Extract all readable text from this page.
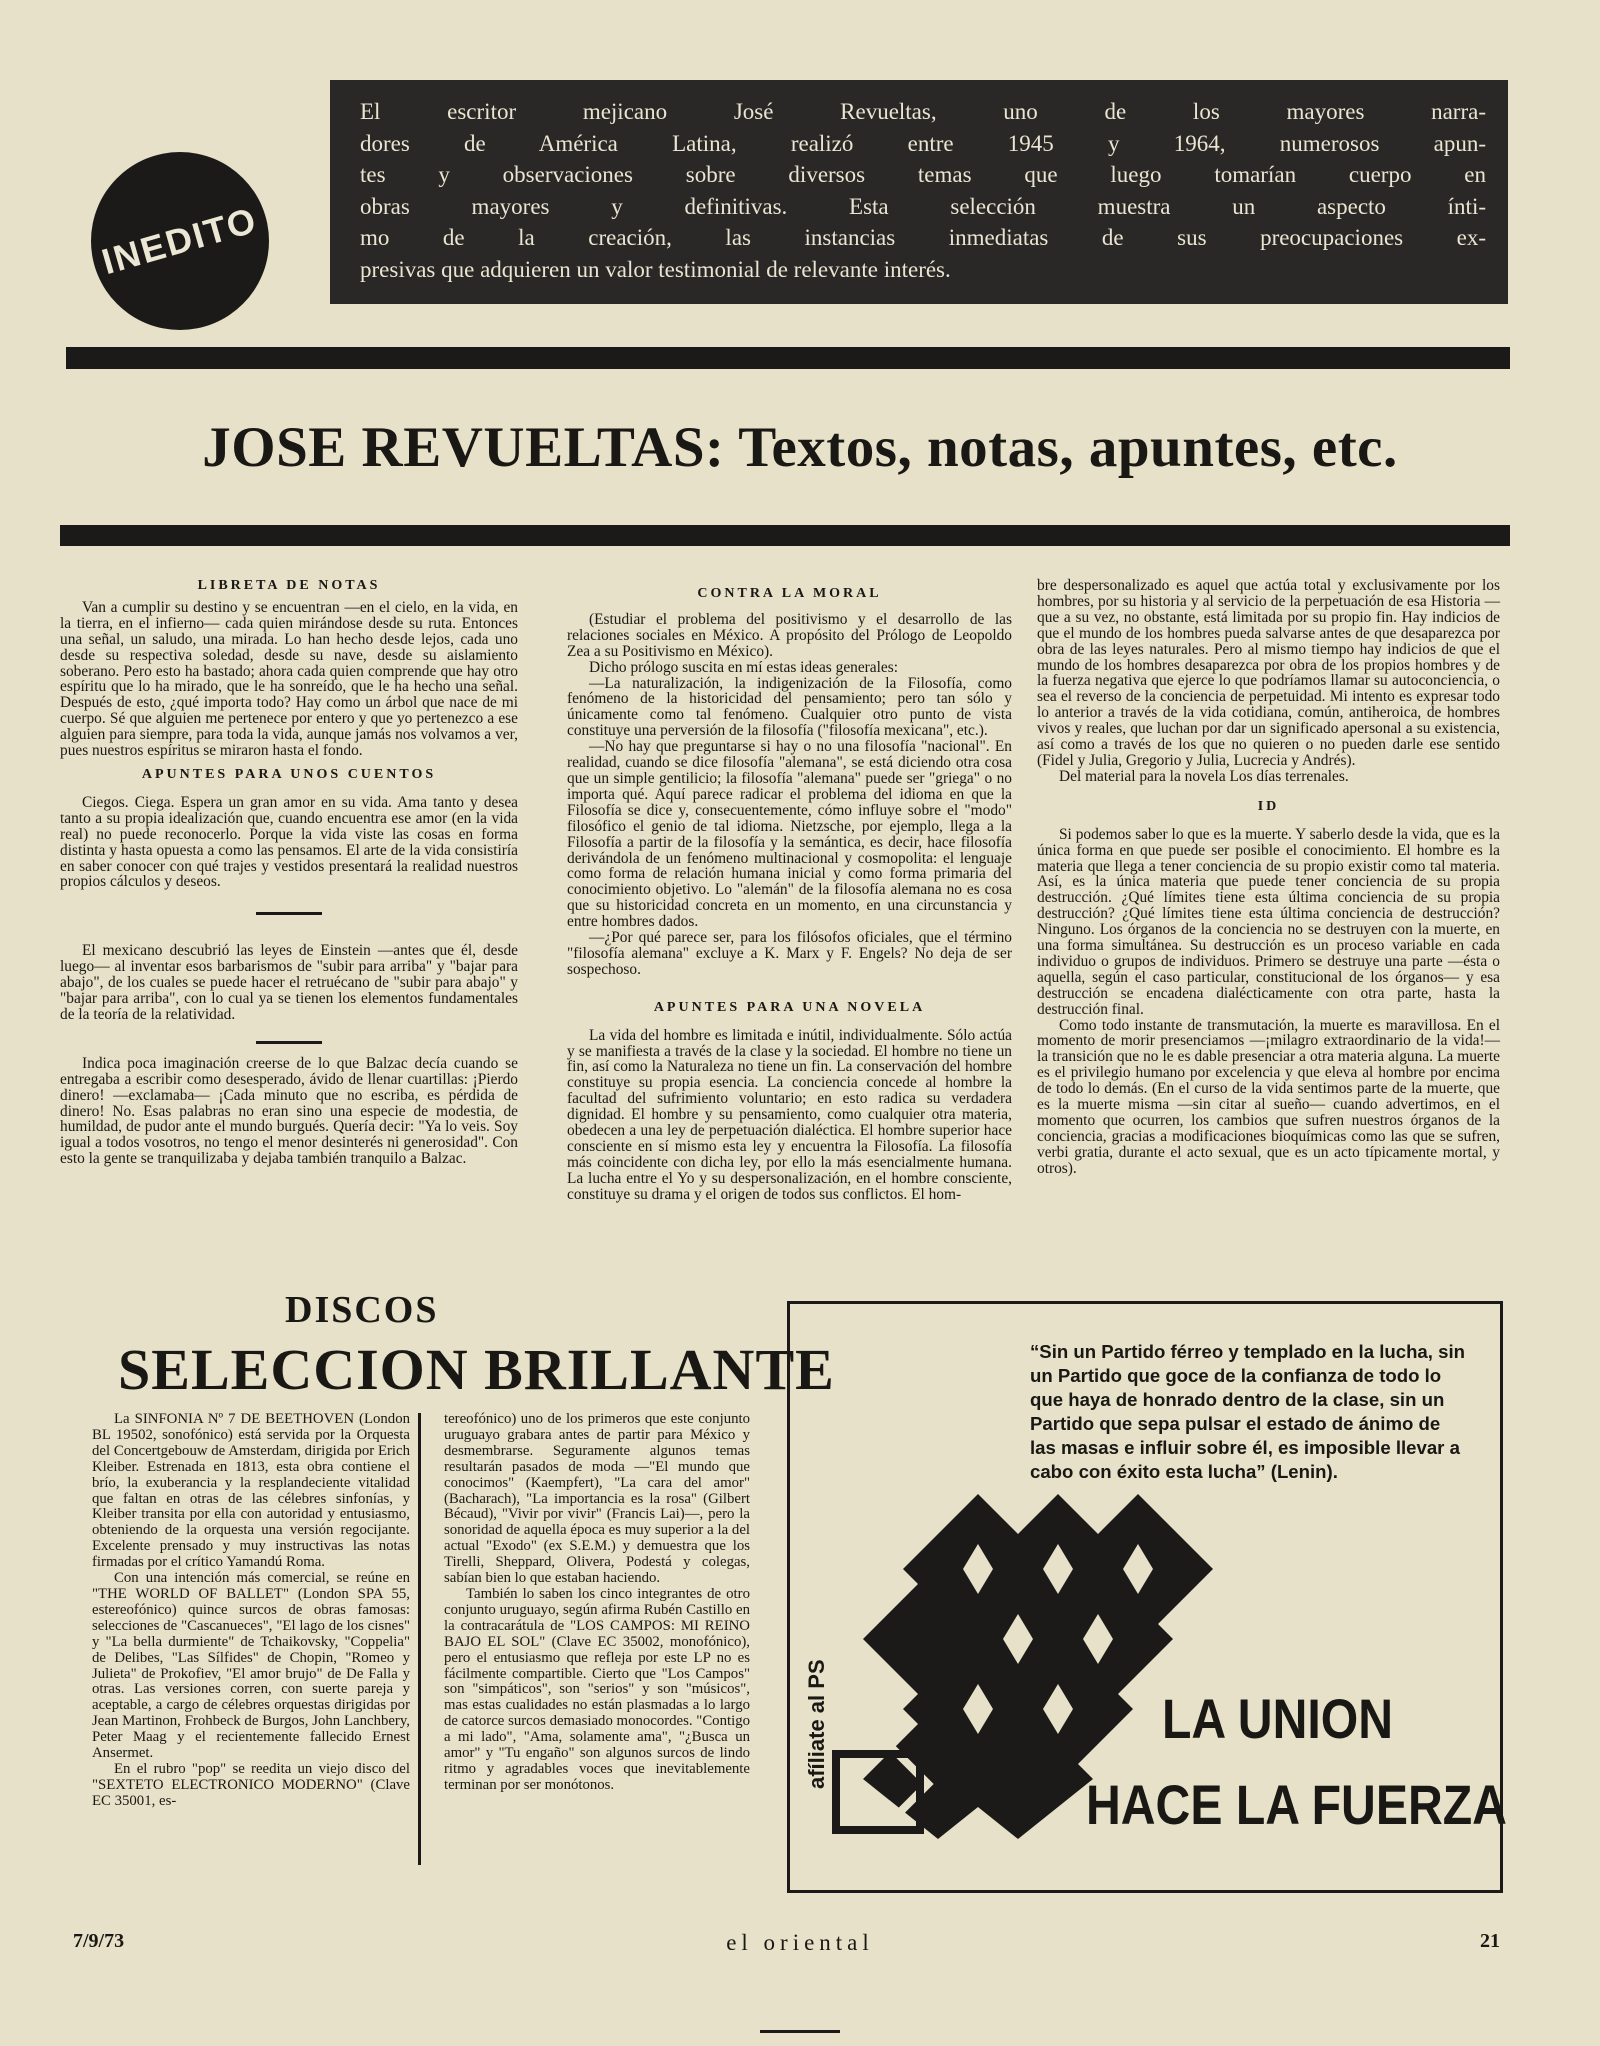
INEDITO
El escritor mejicano José Revueltas, uno de los mayores narra-
dores de América Latina, realizó entre 1945 y 1964, numerosos apun-
tes y observaciones sobre diversos temas que luego tomarían cuerpo en
obras mayores y definitivas. Esta selección muestra un aspecto ínti-
mo de la creación, las instancias inmediatas de sus preocupaciones ex-
presivas que adquieren un valor testimonial de relevante interés.
JOSE REVUELTAS: Textos, notas, apuntes, etc.
LIBRETA DE NOTAS

Van a cumplir su destino y se encuentran —en el cielo, en la vida, en la tierra, en el infierno— cada quien mirándose desde su ruta. Entonces una señal, un saludo, una mirada. Lo han hecho desde lejos, cada uno desde su respectiva soledad, desde su nave, desde su aislamiento soberano. Pero esto ha bastado; ahora cada quien comprende que hay otro espíritu que lo ha mirado, que le ha sonreído, que le ha hecho una señal. Después de esto, ¿qué importa todo? Hay como un árbol que nace de mi cuerpo. Sé que alguien me pertenece por entero y que yo pertenezco a ese alguien para siempre, para toda la vida, aunque jamás nos volvamos a ver, pues nuestros espíritus se miraron hasta el fondo.

APUNTES PARA UNOS CUENTOS

Ciegos. Ciega. Espera un gran amor en su vida. Ama tanto y desea tanto a su propia idealización que, cuando encuentra ese amor (en la vida real) no puede reconocerlo. Porque la vida viste las cosas en forma distinta y hasta opuesta a como las pensamos. El arte de la vida consistiría en saber conocer con qué trajes y vestidos presentará la realidad nuestros propios cálculos y deseos.

El mexicano descubrió las leyes de Einstein —antes que él, desde luego— al inventar esos barbarismos de "subir para arriba" y "bajar para abajo", de los cuales se puede hacer el retruécano de "subir para abajo" y "bajar para arriba", con lo cual ya se tienen los elementos fundamentales de la teoría de la relatividad.

Indica poca imaginación creerse de lo que Balzac decía cuando se entregaba a escribir como desesperado, ávido de llenar cuartillas: ¡Pierdo dinero! —exclamaba— ¡Cada minuto que no escriba, es pérdida de dinero! No. Esas palabras no eran sino una especie de modestia, de humildad, de pudor ante el mundo burgués. Quería decir: "Ya lo veis. Soy igual a todos vosotros, no tengo el menor desinterés ni generosidad". Con esto la gente se tranquilizaba y dejaba también tranquilo a Balzac.

CONTRA LA MORAL

(Estudiar el problema del positivismo y el desarrollo de las relaciones sociales en México. A propósito del Prólogo de Leopoldo Zea a su Positivismo en México).

Dicho prólogo suscita en mí estas ideas generales:

—La naturalización, la indigenización de la Filosofía, como fenómeno de la historicidad del pensamiento; pero tan sólo y únicamente como tal fenómeno. Cualquier otro punto de vista constituye una perversión de la filosofía ("filosofía mexicana", etc.).

—No hay que preguntarse si hay o no una filosofía "nacional". En realidad, cuando se dice filosofía "alemana", se está diciendo otra cosa que un simple gentilicio; la filosofía "alemana" puede ser "griega" o no importa qué. Aquí parece radicar el problema del idioma en que la Filosofía se dice y, consecuentemente, cómo influye sobre el "modo" filosófico el genio de tal idioma. Nietzsche, por ejemplo, llega a la Filosofía a partir de la filosofía y la semántica, es decir, hace filosofía derivándola de un fenómeno multinacional y cosmopolita: el lenguaje como forma de relación humana inicial y como forma primaria del conocimiento objetivo. Lo "alemán" de la filosofía alemana no es cosa que su historicidad concreta en un momento, en una circunstancia y entre hombres dados.

—¿Por qué parece ser, para los filósofos oficiales, que el término "filosofía alemana" excluye a K. Marx y F. Engels? No deja de ser sospechoso.

APUNTES PARA UNA NOVELA

La vida del hombre es limitada e inútil, individualmente. Sólo actúa y se manifiesta a través de la clase y la sociedad. El hombre no tiene un fin, así como la Naturaleza no tiene un fin. La conservación del hombre constituye su propia esencia. La conciencia concede al hombre la facultad del sufrimiento voluntario; en esto radica su verdadera dignidad. El hombre y su pensamiento, como cualquier otra materia, obedecen a una ley de perpetuación dialéctica. El hombre superior hace consciente en sí mismo esta ley y encuentra la Filosofía. La filosofía más coincidente con dicha ley, por ello la más esencialmente humana. La lucha entre el Yo y su despersonalización, en el hombre consciente, constituye su drama y el origen de todos sus conflictos. El hom-

bre despersonalizado es aquel que actúa total y exclusivamente por los hombres, por su historia y al servicio de la perpetuación de esa Historia —que a su vez, no obstante, está limitada por su propio fin. Hay indicios de que el mundo de los hombres pueda salvarse antes de que desaparezca por obra de las leyes naturales. Pero al mismo tiempo hay indicios de que el mundo de los hombres desaparezca por obra de los propios hombres y de la fuerza negativa que ejerce lo que podríamos llamar su autoconciencia, o sea el reverso de la conciencia de perpetuidad. Mi intento es expresar todo lo anterior a través de la vida cotidiana, común, antiheroica, de hombres vivos y reales, que luchan por dar un significado apersonal a su existencia, así como a través de los que no quieren o no pueden darle ese sentido (Fidel y Julia, Gregorio y Julia, Lucrecia y Andrés).

Del material para la novela Los días terrenales.

ID

Si podemos saber lo que es la muerte. Y saberlo desde la vida, que es la única forma en que puede ser posible el conocimiento. El hombre es la materia que llega a tener conciencia de su propio existir como tal materia. Así, es la única materia que puede tener conciencia de su propia destrucción. ¿Qué límites tiene esta última conciencia de su propia destrucción? ¿Qué límites tiene esta última conciencia de destrucción? Ninguno. Los órganos de la conciencia no se destruyen con la muerte, en una forma simultánea. Su destrucción es un proceso variable en cada individuo o grupos de individuos. Primero se destruye una parte —ésta o aquella, según el caso particular, constitucional de los órganos— y esa destrucción se encadena dialécticamente con otra parte, hasta la destrucción final.

Como todo instante de transmutación, la muerte es maravillosa. En el momento de morir presenciamos —¡milagro extraordinario de la vida!— la transición que no le es dable presenciar a otra materia alguna. La muerte es el privilegio humano por excelencia y que eleva al hombre por encima de todo lo demás. (En el curso de la vida sentimos parte de la muerte, que es la muerte misma —sin citar al sueño— cuando advertimos, en el momento que ocurren, los cambios que sufren nuestros órganos de la conciencia, gracias a modificaciones bioquímicas como las que se sufren, verbi gratia, durante el acto sexual, que es un acto típicamente mortal, y otros).

DISCOS
SELECCION BRILLANTE

La SINFONIA Nº 7 DE BEETHOVEN (London BL 19502, sonofónico) está servida por la Orquesta del Concertgebouw de Amsterdam, dirigida por Erich Kleiber. Estrenada en 1813, esta obra contiene el brío, la exuberancia y la resplandeciente vitalidad que faltan en otras de las célebres sinfonías, y Kleiber transita por ella con autoridad y entusiasmo, obteniendo de la orquesta una versión regocijante. Excelente prensado y muy instructivas las notas firmadas por el crítico Yamandú Roma.

Con una intención más comercial, se reúne en "THE WORLD OF BALLET" (London SPA 55, estereofónico) quince surcos de obras famosas: selecciones de "Cascanueces", "El lago de los cisnes" y "La bella durmiente" de Tchaikovsky, "Coppelia" de Delibes, "Las Sílfides" de Chopin, "Romeo y Julieta" de Prokofiev, "El amor brujo" de De Falla y otras. Las versiones corren, con suerte pareja y aceptable, a cargo de célebres orquestas dirigidas por Jean Martinon, Frohbeck de Burgos, John Lanchbery, Peter Maag y el recientemente fallecido Ernest Ansermet.

En el rubro "pop" se reedita un viejo disco del "SEXTETO ELECTRONICO MODERNO" (Clave EC 35001, es-

tereofónico) uno de los primeros que este conjunto uruguayo grabara antes de partir para México y desmembrarse. Seguramente algunos temas resultarán pasados de moda —"El mundo que conocimos" (Kaempfert), "La cara del amor" (Bacharach), "La importancia es la rosa" (Gilbert Bécaud), "Vivir por vivir" (Francis Lai)—, pero la sonoridad de aquella época es muy superior a la del actual "Exodo" (ex S.E.M.) y demuestra que los Tirelli, Sheppard, Olivera, Podestá y colegas, sabían bien lo que estaban haciendo.

También lo saben los cinco integrantes de otro conjunto uruguayo, según afirma Rubén Castillo en la contracarátula de "LOS CAMPOS: MI REINO BAJO EL SOL" (Clave EC 35002, monofónico), pero el entusiasmo que refleja por este LP no es fácilmente compartible. Cierto que "Los Campos" son "simpáticos", son "serios" y son "músicos", mas estas cualidades no están plasmadas a lo largo de catorce surcos demasiado monocordes. "Contigo a mi lado", "Ama, solamente ama", "¿Busca un amor" y "Tu engaño" son algunos surcos de lindo ritmo y agradables voces que inevitablemente terminan por ser monótonos.

“Sin un Partido férreo y templado en la lucha, sin un Partido que goce de la confianza de todo lo que haya de honrado dentro de la clase, sin un Partido que sepa pulsar el estado de ánimo de las masas e influir sobre él, es imposible llevar a cabo con éxito esta lucha” (Lenin).
afíliate al PS	LA UNION
HACE LA FUERZA
7/9/73	el oriental	21
